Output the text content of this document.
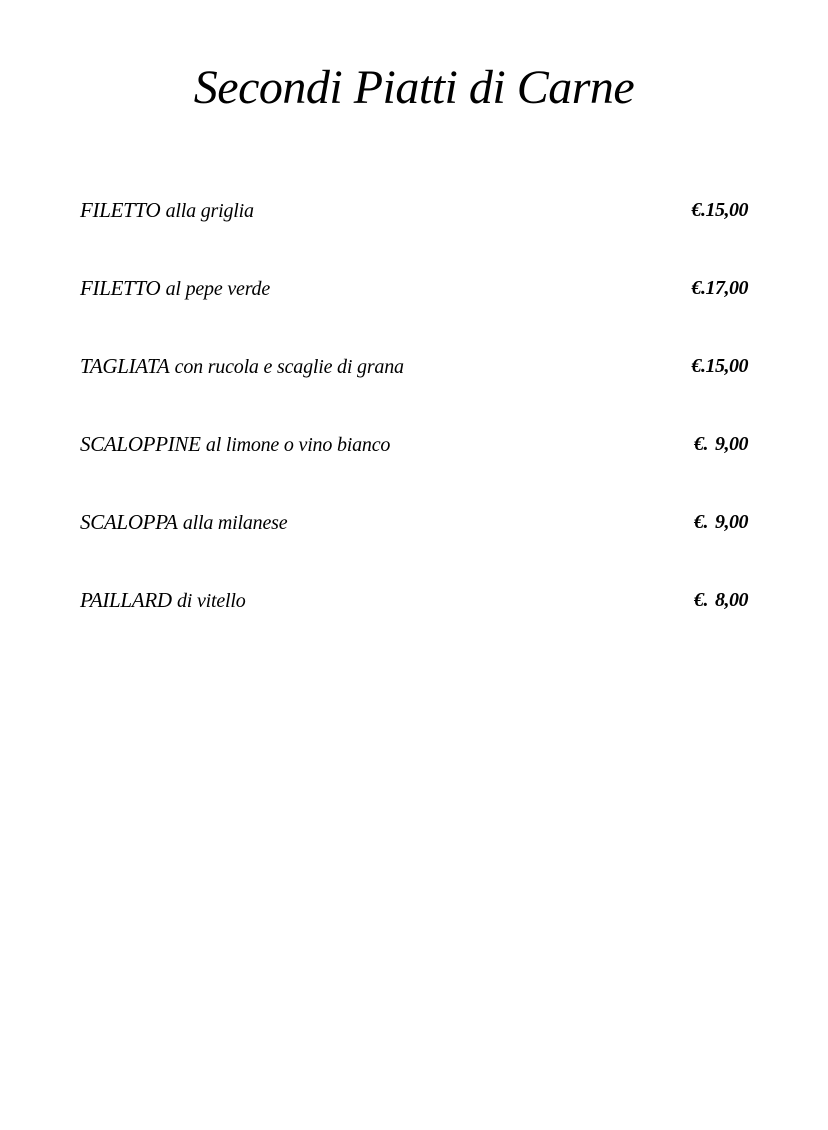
Secondi Piatti di Carne
FILETTO alla griglia	€.15,00
FILETTO al pepe verde	€.17,00
TAGLIATA con rucola e scaglie di grana	€.15,00
SCALOPPINE al limone o vino bianco	€. 9,00
SCALOPPA alla milanese	€. 9,00
PAILLARD di vitello	€. 8,00
